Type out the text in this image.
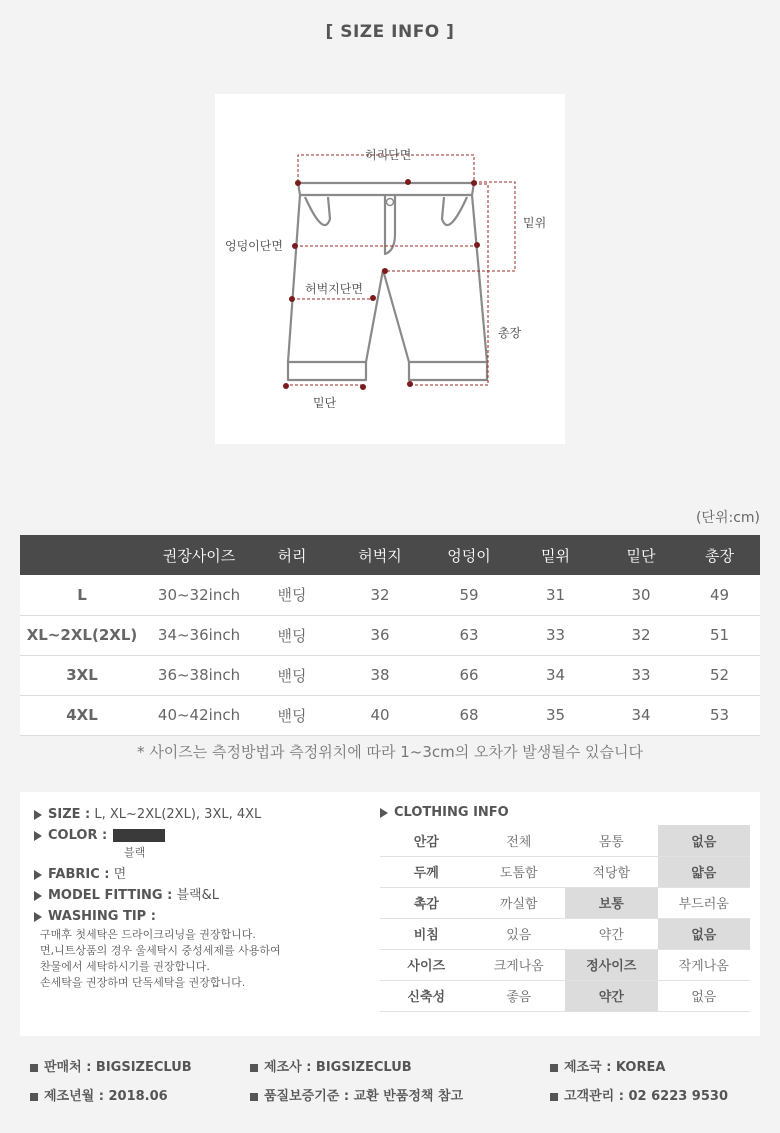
[ SIZE INFO ]
허리단면
엉덩이단면
밑위
허벅지단면
총장
밑단
(단위:cm)
	권장사이즈	허리	허벅지	엉덩이	밑위	밑단	총장
L	30~32inch	밴딩	32	59	31	30	49
XL~2XL(2XL)	34~36inch	밴딩	36	63	33	32	51
3XL	36~38inch	밴딩	38	66	34	33	52
4XL	40~42inch	밴딩	40	68	35	34	53
* 사이즈는 측정방법과 측정위치에 따라 1~3cm의 오차가 발생될수 있습니다
SIZE : L, XL~2XL(2XL), 3XL, 4XL
COLOR :
블랙
FABRIC : 면
MODEL FITTING : 블랙&L
WASHING TIP :
구매후 첫세탁은 드라이크리닝을 권장합니다.
면,니트상품의 경우 울세탁시 중성세제를 사용하여
찬물에서 세탁하시기를 권장합니다.
손세탁을 권장하며 단독세탁을 권장합니다.
CLOTHING INFO
안감	전체	몸통	없음
두께	도톰함	적당함	얇음
촉감	까실함	보통	부드러움
비침	있음	약간	없음
사이즈	크게나옴	정사이즈	작게나옴
신축성	좋음	약간	없음
판매처 : BIGSIZECLUB	제조사 : BIGSIZECLUB	제조국 : KOREA
제조년월 : 2018.06	품질보증기준 : 교환 반품정책 참고	고객관리 : 02 6223 9530
